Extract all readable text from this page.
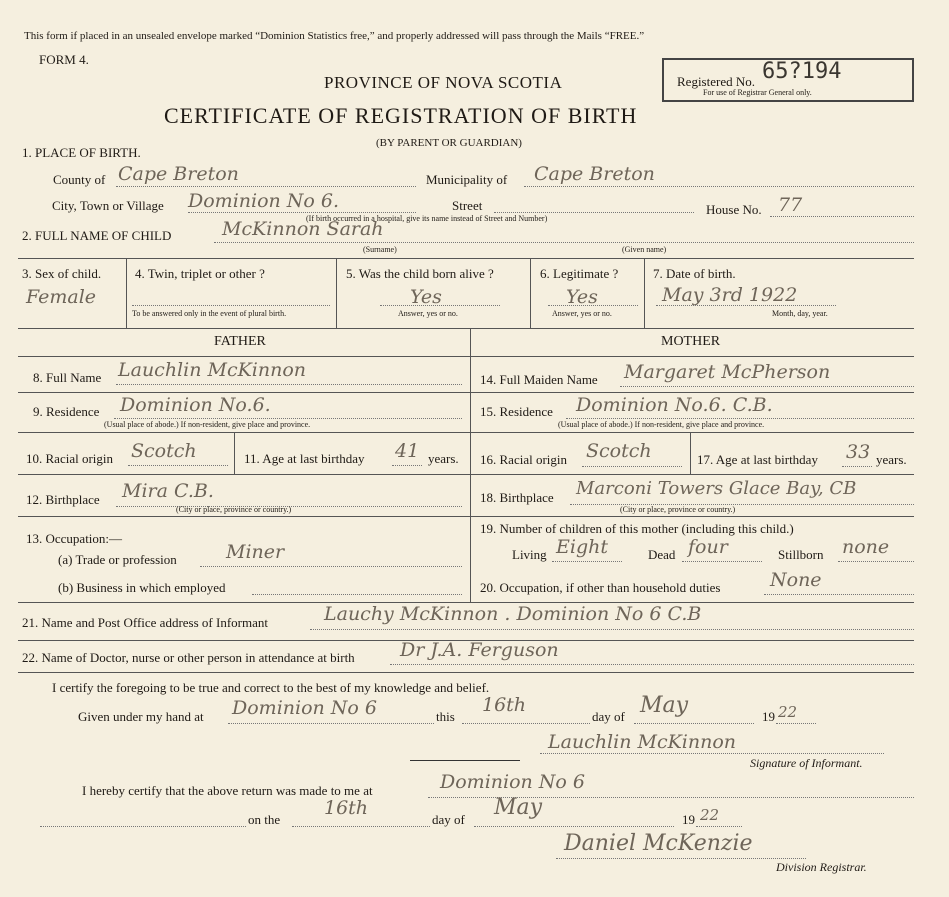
This form if placed in an unsealed envelope marked “Dominion Statistics free,” and properly addressed will pass through the Mails “FREE.”
FORM 4.
PROVINCE OF NOVA SCOTIA
CERTIFICATE OF REGISTRATION OF BIRTH
(BY PARENT OR GUARDIAN)
Registered No. 65?194
For use of Registrar General only.
1. PLACE OF BIRTH.
County of Cape Breton	Municipality of Cape Breton
City, Town or Village Dominion No 6.	Street	House No. 77
(If birth occurred in a hospital, give its name instead of Street and Number)
2. FULL NAME OF CHILD	McKinnon Sarah
(Surname)	(Given name)
3. Sex of child.
Female
4. Twin, triplet or other ?
To be answered only in the event of plural birth.
5. Was the child born alive ?
Yes
Answer, yes or no.
6. Legitimate ?
Yes
Answer, yes or no.
7. Date of birth.
May 3rd 1922
Month, day, year.
FATHER	MOTHER
8. Full Name Lauchlin McKinnon
9. Residence Dominion No.6.
(Usual place of abode.) If non-resident, give place and province.
10. Racial origin Scotch	11. Age at last birthday 41 years.
12. Birthplace Mira C.B.
(City or place, province or country.)
13. Occupation:—
(a) Trade or profession	Miner
(b) Business in which employed
14. Full Maiden Name Margaret McPherson
15. Residence Dominion No.6. C.B.
(Usual place of abode.) If non-resident, give place and province.
16. Racial origin Scotch	17. Age at last birthday 33 years.
18. Birthplace Marconi Towers Glace Bay, CB
(City or place, province or country.)
19. Number of children of this mother (including this child.)
Living Eight	Dead four	Stillborn none
20. Occupation, if other than household duties	None
21. Name and Post Office address of Informant	Lauchy McKinnon . Dominion No 6 C.B
22. Name of Doctor, nurse or other person in attendance at birth Dr J.A. Ferguson
I certify the foregoing to be true and correct to the best of my knowledge and belief.
Given under my hand at Dominion No 6	this
16th
day of May	19 22
Lauchlin McKinnon
Signature of Informant.
I hereby certify that the above return was made to me at	Dominion No 6
on the
16th
day of May	19 22
Daniel McKenzie
Division Registrar.
